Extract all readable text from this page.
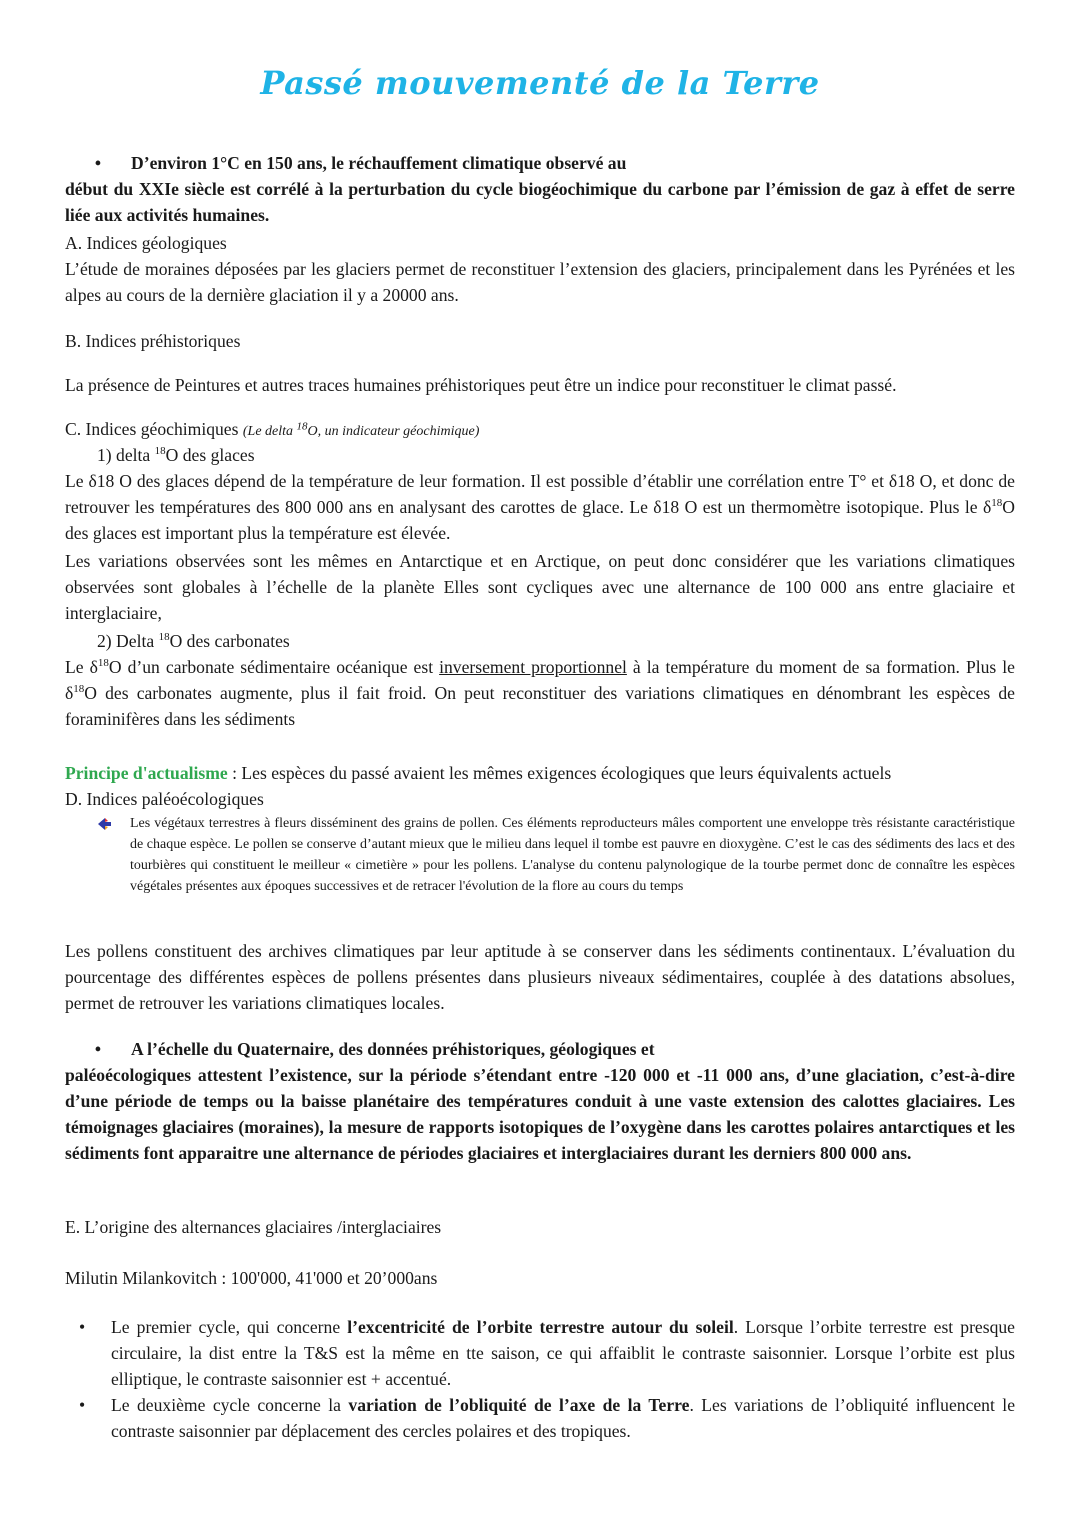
Passé mouvementé de la Terre
• D’environ 1°C en 150 ans, le réchauffement climatique observé au
début du XXIe siècle est corrélé à la perturbation du cycle biogéochimique du carbone par l’émission de gaz à effet de serre liée aux activités humaines.
A. Indices géologiques
L’étude de moraines déposées par les glaciers permet de reconstituer l’extension des glaciers, principalement dans les Pyrénées et les alpes au cours de la dernière glaciation il y a 20000 ans.
B. Indices préhistoriques
La présence de Peintures et autres traces humaines préhistoriques peut être un indice pour reconstituer le climat passé.
C. Indices géochimiques (Le delta $^{18}$O, un indicateur géochimique)
1) delta $^{18}$O des glaces
Le δ18 O des glaces dépend de la température de leur formation. Il est possible d’établir une corrélation entre T° et δ18 O, et donc de retrouver les températures des 800 000 ans en analysant des carottes de glace. Le δ18 O est un thermomètre isotopique. Plus le $\delta^{18}O$ des glaces est important plus la température est élevée.
Les variations observées sont les mêmes en Antarctique et en Arctique, on peut donc considérer que les variations climatiques observées sont globales à l’échelle de la planète Elles sont cycliques avec une alternance de 100 000 ans entre glaciaire et interglaciaire,
2) Delta $^{18}$O des carbonates
Le $\delta^{18}O$ d’un carbonate sédimentaire océanique est inversement proportionnel à la température du moment de sa formation. Plus le $\delta^{18}O$ des carbonates augmente, plus il fait froid. On peut reconstituer des variations climatiques en dénombrant les espèces de foraminifères dans les sédiments
Principe d'actualisme : Les espèces du passé avaient les mêmes exigences écologiques que leurs équivalents actuels
D. Indices paléoécologiques
Les végétaux terrestres à fleurs disséminent des grains de pollen. Ces éléments reproducteurs mâles comportent une enveloppe très résistante caractéristique de chaque espèce. Le pollen se conserve d’autant mieux que le milieu dans lequel il tombe est pauvre en dioxygène. C’est le cas des sédiments des lacs et des tourbières qui constituent le meilleur « cimetière » pour les pollens. L'analyse du contenu palynologique de la tourbe permet donc de connaître les espèces végétales présentes aux époques successives et de retracer l'évolution de la flore au cours du temps
Les pollens constituent des archives climatiques par leur aptitude à se conserver dans les sédiments continentaux. L’évaluation du pourcentage des différentes espèces de pollens présentes dans plusieurs niveaux sédimentaires, couplée à des datations absolues, permet de retrouver les variations climatiques locales.
• A l’échelle du Quaternaire, des données préhistoriques, géologiques et
paléoécologiques attestent l’existence, sur la période s’étendant entre -120 000 et -11 000 ans, d’une glaciation, c’est-à-dire d’une période de temps ou la baisse planétaire des températures conduit à une vaste extension des calottes glaciaires. Les témoignages glaciaires (moraines), la mesure de rapports isotopiques de l’oxygène dans les carottes polaires antarctiques et les sédiments font apparaitre une alternance de périodes glaciaires et interglaciaires durant les derniers 800 000 ans.
E. L’origine des alternances glaciaires /interglaciaires
Milutin Milankovitch : 100'000, 41'000 et 20’000ans
• Le premier cycle, qui concerne l’excentricité de l’orbite terrestre autour du soleil. Lorsque l’orbite terrestre est presque circulaire, la dist entre la T&S est la même en tte saison, ce qui affaiblit le contraste saisonnier. Lorsque l’orbite est plus elliptique, le contraste saisonnier est + accentué.
• Le deuxième cycle concerne la variation de l’obliquité de l’axe de la Terre. Les variations de l’obliquité influencent le contraste saisonnier par déplacement des cercles polaires et des tropiques.
